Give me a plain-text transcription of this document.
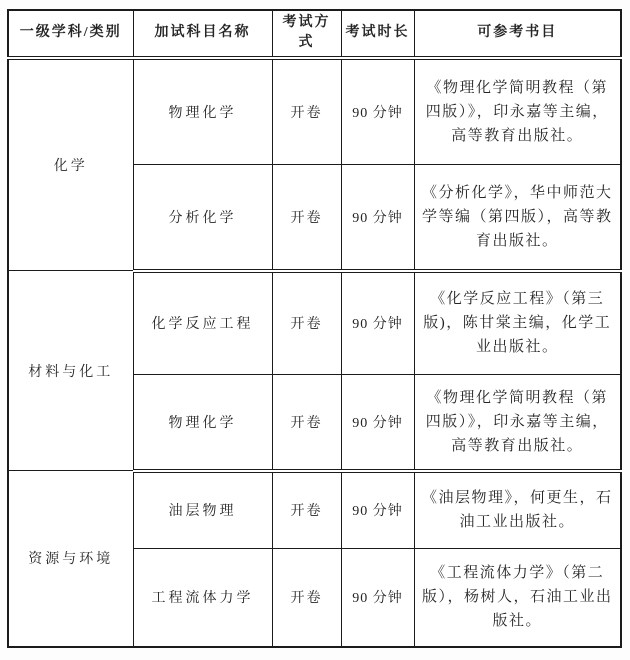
一级学科/类别	加试科目名称	考试方式	考试时长	可参考书目
化学	物理化学	开卷	90 分钟	《物理化学简明教程（第四版）》，印永嘉等主编，高等教育出版社。
	分析化学	开卷	90 分钟	《分析化学》，华中师范大学等编（第四版），高等教育出版社。
材料与化工	化学反应工程	开卷	90 分钟	《化学反应工程》（第三版)，陈甘棠主编，化学工业出版社。
	物理化学	开卷	90 分钟	《物理化学简明教程（第四版）》，印永嘉等主编，高等教育出版社。
资源与环境	油层物理	开卷	90 分钟	《油层物理》，何更生，石油工业出版社。
	工程流体力学	开卷	90 分钟	《工程流体力学》（第二版），杨树人，石油工业出版社。
